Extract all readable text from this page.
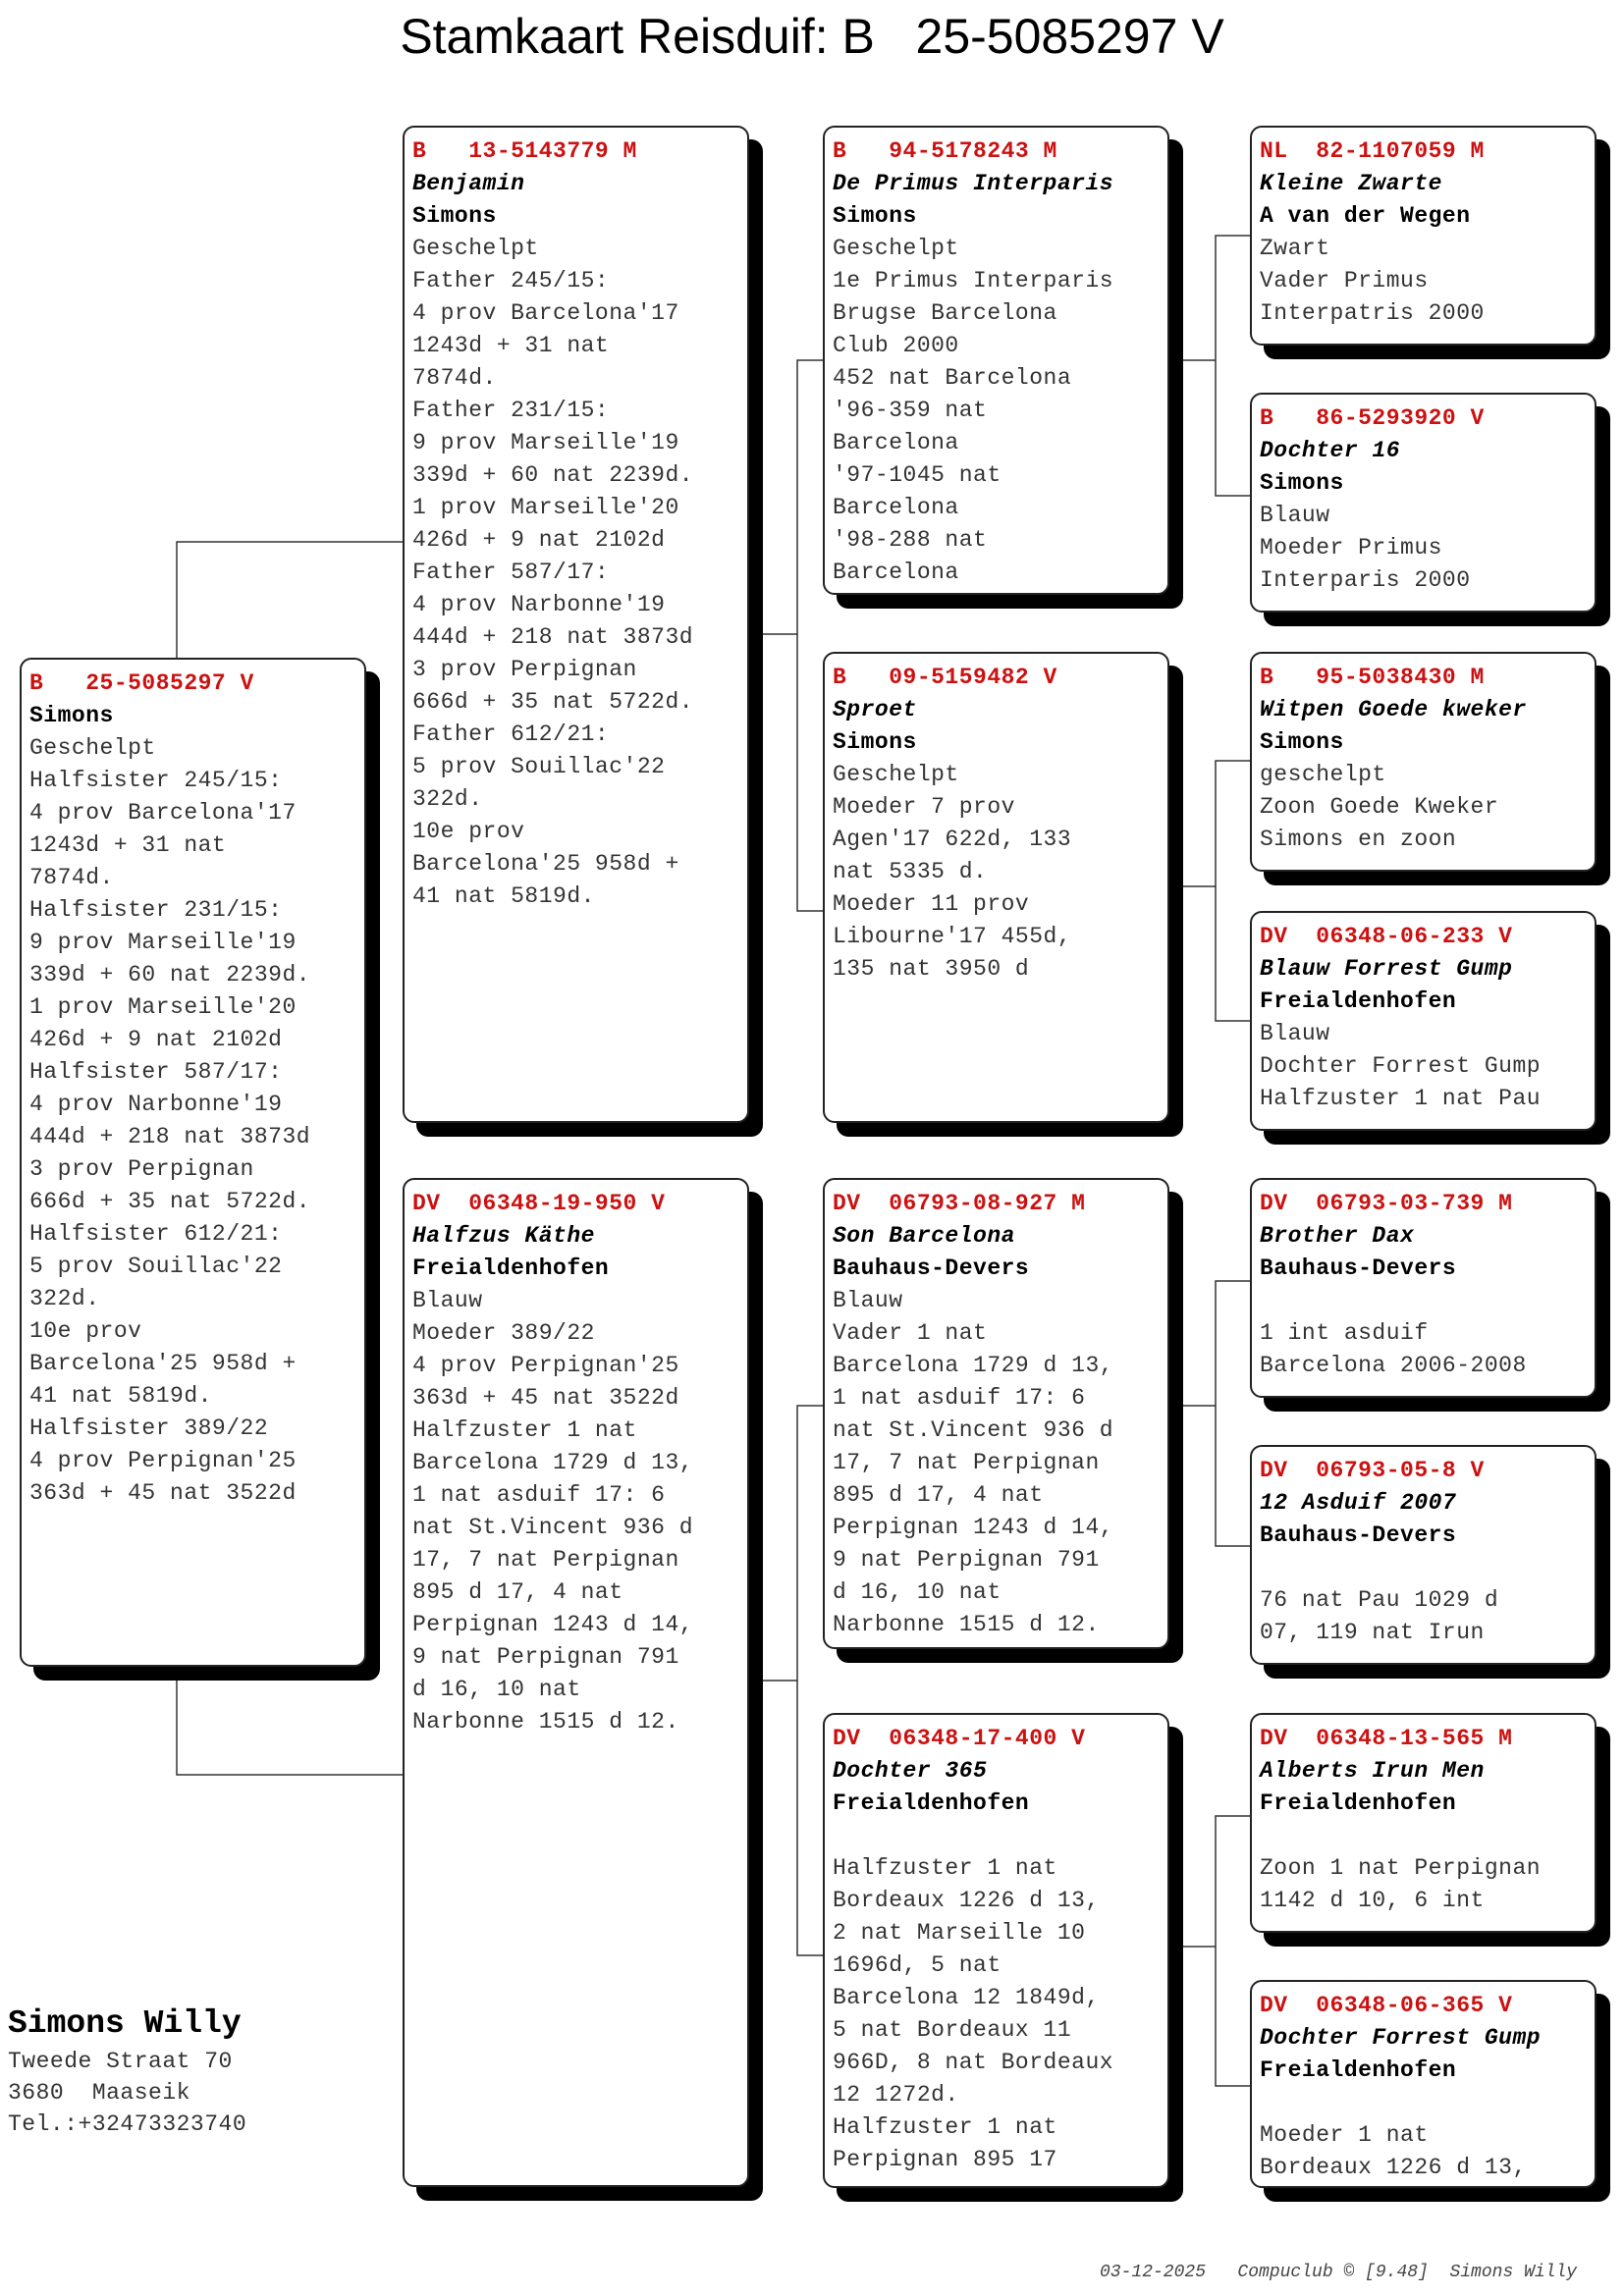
Stamkaart Reisduif: B   25-5085297 V
B   25-5085297 V
Simons
Geschelpt
Halfsister 245/15:
4 prov Barcelona'17
1243d + 31 nat
7874d.
Halfsister 231/15:
9 prov Marseille'19
339d + 60 nat 2239d.
1 prov Marseille'20
426d + 9 nat 2102d
Halfsister 587/17:
4 prov Narbonne'19
444d + 218 nat 3873d
3 prov Perpignan
666d + 35 nat 5722d.
Halfsister 612/21:
5 prov Souillac'22
322d.
10e prov
Barcelona'25 958d +
41 nat 5819d.
Halfsister 389/22
4 prov Perpignan'25
363d + 45 nat 3522d
B   13-5143779 M
Benjamin
Simons
Geschelpt
Father 245/15:
4 prov Barcelona'17
1243d + 31 nat
7874d.
Father 231/15:
9 prov Marseille'19
339d + 60 nat 2239d.
1 prov Marseille'20
426d + 9 nat 2102d
Father 587/17:
4 prov Narbonne'19
444d + 218 nat 3873d
3 prov Perpignan
666d + 35 nat 5722d.
Father 612/21:
5 prov Souillac'22
322d.
10e prov
Barcelona'25 958d +
41 nat 5819d.
DV  06348-19-950 V
Halfzus Käthe
Freialdenhofen
Blauw
Moeder 389/22
4 prov Perpignan'25
363d + 45 nat 3522d
Halfzuster 1 nat
Barcelona 1729 d 13,
1 nat asduif 17: 6
nat St.Vincent 936 d
17, 7 nat Perpignan
895 d 17, 4 nat
Perpignan 1243 d 14,
9 nat Perpignan 791
d 16, 10 nat
Narbonne 1515 d 12.
B   94-5178243 M
De Primus Interparis
Simons
Geschelpt
1e Primus Interparis
Brugse Barcelona
Club 2000
452 nat Barcelona
'96-359 nat
Barcelona
'97-1045 nat
Barcelona
'98-288 nat
Barcelona
B   09-5159482 V
Sproet
Simons
Geschelpt
Moeder 7 prov
Agen'17 622d, 133
nat 5335 d.
Moeder 11 prov
Libourne'17 455d,
135 nat 3950 d
DV  06793-08-927 M
Son Barcelona
Bauhaus-Devers
Blauw
Vader 1 nat
Barcelona 1729 d 13,
1 nat asduif 17: 6
nat St.Vincent 936 d
17, 7 nat Perpignan
895 d 17, 4 nat
Perpignan 1243 d 14,
9 nat Perpignan 791
d 16, 10 nat
Narbonne 1515 d 12.
DV  06348-17-400 V
Dochter 365
Freialdenhofen
Halfzuster 1 nat
Bordeaux 1226 d 13,
2 nat Marseille 10
1696d, 5 nat
Barcelona 12 1849d,
5 nat Bordeaux 11
966D, 8 nat Bordeaux
12 1272d.
Halfzuster 1 nat
Perpignan 895 17
NL  82-1107059 M
Kleine Zwarte
A van der Wegen
Zwart
Vader Primus
Interpatris 2000
B   86-5293920 V
Dochter 16
Simons
Blauw
Moeder Primus
Interparis 2000
B   95-5038430 M
Witpen Goede kweker
Simons
geschelpt
Zoon Goede Kweker
Simons en zoon
DV  06348-06-233 V
Blauw Forrest Gump
Freialdenhofen
Blauw
Dochter Forrest Gump
Halfzuster 1 nat Pau
DV  06793-03-739 M
Brother Dax
Bauhaus-Devers
1 int asduif
Barcelona 2006-2008
DV  06793-05-8 V
12 Asduif 2007
Bauhaus-Devers
76 nat Pau 1029 d
07, 119 nat Irun
DV  06348-13-565 M
Alberts Irun Men
Freialdenhofen
Zoon 1 nat Perpignan
1142 d 10, 6 int
DV  06348-06-365 V
Dochter Forrest Gump
Freialdenhofen
Moeder 1 nat
Bordeaux 1226 d 13,
Simons Willy
Tweede Straat 70
3680  Maaseik
Tel.:+32473323740
03-12-2025   Compuclub © [9.48]  Simons Willy
